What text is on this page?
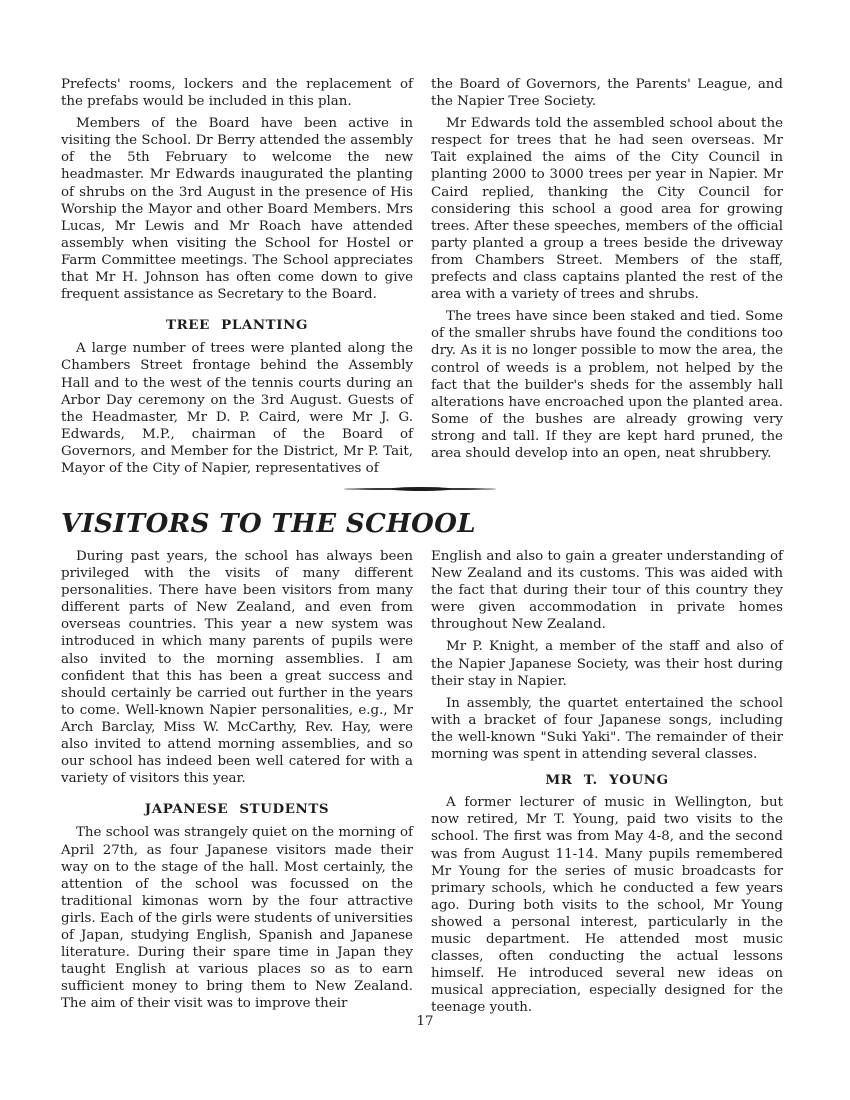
Prefects' rooms, lockers and the replacement of the prefabs would be included in this plan.

Members of the Board have been active in visiting the School. Dr Berry attended the assembly of the 5th February to welcome the new headmaster. Mr Edwards inaugurated the planting of shrubs on the 3rd August in the presence of His Worship the Mayor and other Board Members. Mrs Lucas, Mr Lewis and Mr Roach have attended assembly when visiting the School for Hostel or Farm Committee meetings. The School appreciates that Mr H. Johnson has often come down to give frequent assistance as Secretary to the Board.

TREE PLANTING

A large number of trees were planted along the Chambers Street frontage behind the Assembly Hall and to the west of the tennis courts during an Arbor Day ceremony on the 3rd August. Guests of the Headmaster, Mr D. P. Caird, were Mr J. G. Edwards, M.P., chairman of the Board of Governors, and Member for the District, Mr P. Tait, Mayor of the City of Napier, representatives of

the Board of Governors, the Parents' League, and the Napier Tree Society.

Mr Edwards told the assembled school about the respect for trees that he had seen overseas. Mr Tait explained the aims of the City Council in planting 2000 to 3000 trees per year in Napier. Mr Caird replied, thanking the City Council for considering this school a good area for growing trees. After these speeches, members of the official party planted a group a trees beside the driveway from Chambers Street. Members of the staff, prefects and class captains planted the rest of the area with a variety of trees and shrubs.

The trees have since been staked and tied. Some of the smaller shrubs have found the conditions too dry. As it is no longer possible to mow the area, the control of weeds is a problem, not helped by the fact that the builder's sheds for the assembly hall alterations have encroached upon the planted area. Some of the bushes are already growing very strong and tall. If they are kept hard pruned, the area should develop into an open, neat shrubbery.

VISITORS TO THE SCHOOL

During past years, the school has always been privileged with the visits of many different personalities. There have been visitors from many different parts of New Zealand, and even from overseas countries. This year a new system was introduced in which many parents of pupils were also invited to the morning assemblies. I am confident that this has been a great success and should certainly be carried out further in the years to come. Well-known Napier personalities, e.g., Mr Arch Barclay, Miss W. McCarthy, Rev. Hay, were also invited to attend morning assemblies, and so our school has indeed been well catered for with a variety of visitors this year.

JAPANESE STUDENTS

The school was strangely quiet on the morning of April 27th, as four Japanese visitors made their way on to the stage of the hall. Most certainly, the attention of the school was focussed on the traditional kimonas worn by the four attractive girls. Each of the girls were students of universities of Japan, studying English, Spanish and Japanese literature. During their spare time in Japan they taught English at various places so as to earn sufficient money to bring them to New Zealand. The aim of their visit was to improve their

English and also to gain a greater understanding of New Zealand and its customs. This was aided with the fact that during their tour of this country they were given accommodation in private homes throughout New Zealand.

Mr P. Knight, a member of the staff and also of the Napier Japanese Society, was their host during their stay in Napier.

In assembly, the quartet entertained the school with a bracket of four Japanese songs, including the well-known "Suki Yaki". The remainder of their morning was spent in attending several classes.

MR T. YOUNG

A former lecturer of music in Wellington, but now retired, Mr T. Young, paid two visits to the school. The first was from May 4-8, and the second was from August 11-14. Many pupils remembered Mr Young for the series of music broadcasts for primary schools, which he conducted a few years ago. During both visits to the school, Mr Young showed a personal interest, particularly in the music department. He attended most music classes, often conducting the actual lessons himself. He introduced several new ideas on musical appreciation, especially designed for the teenage youth.

17
